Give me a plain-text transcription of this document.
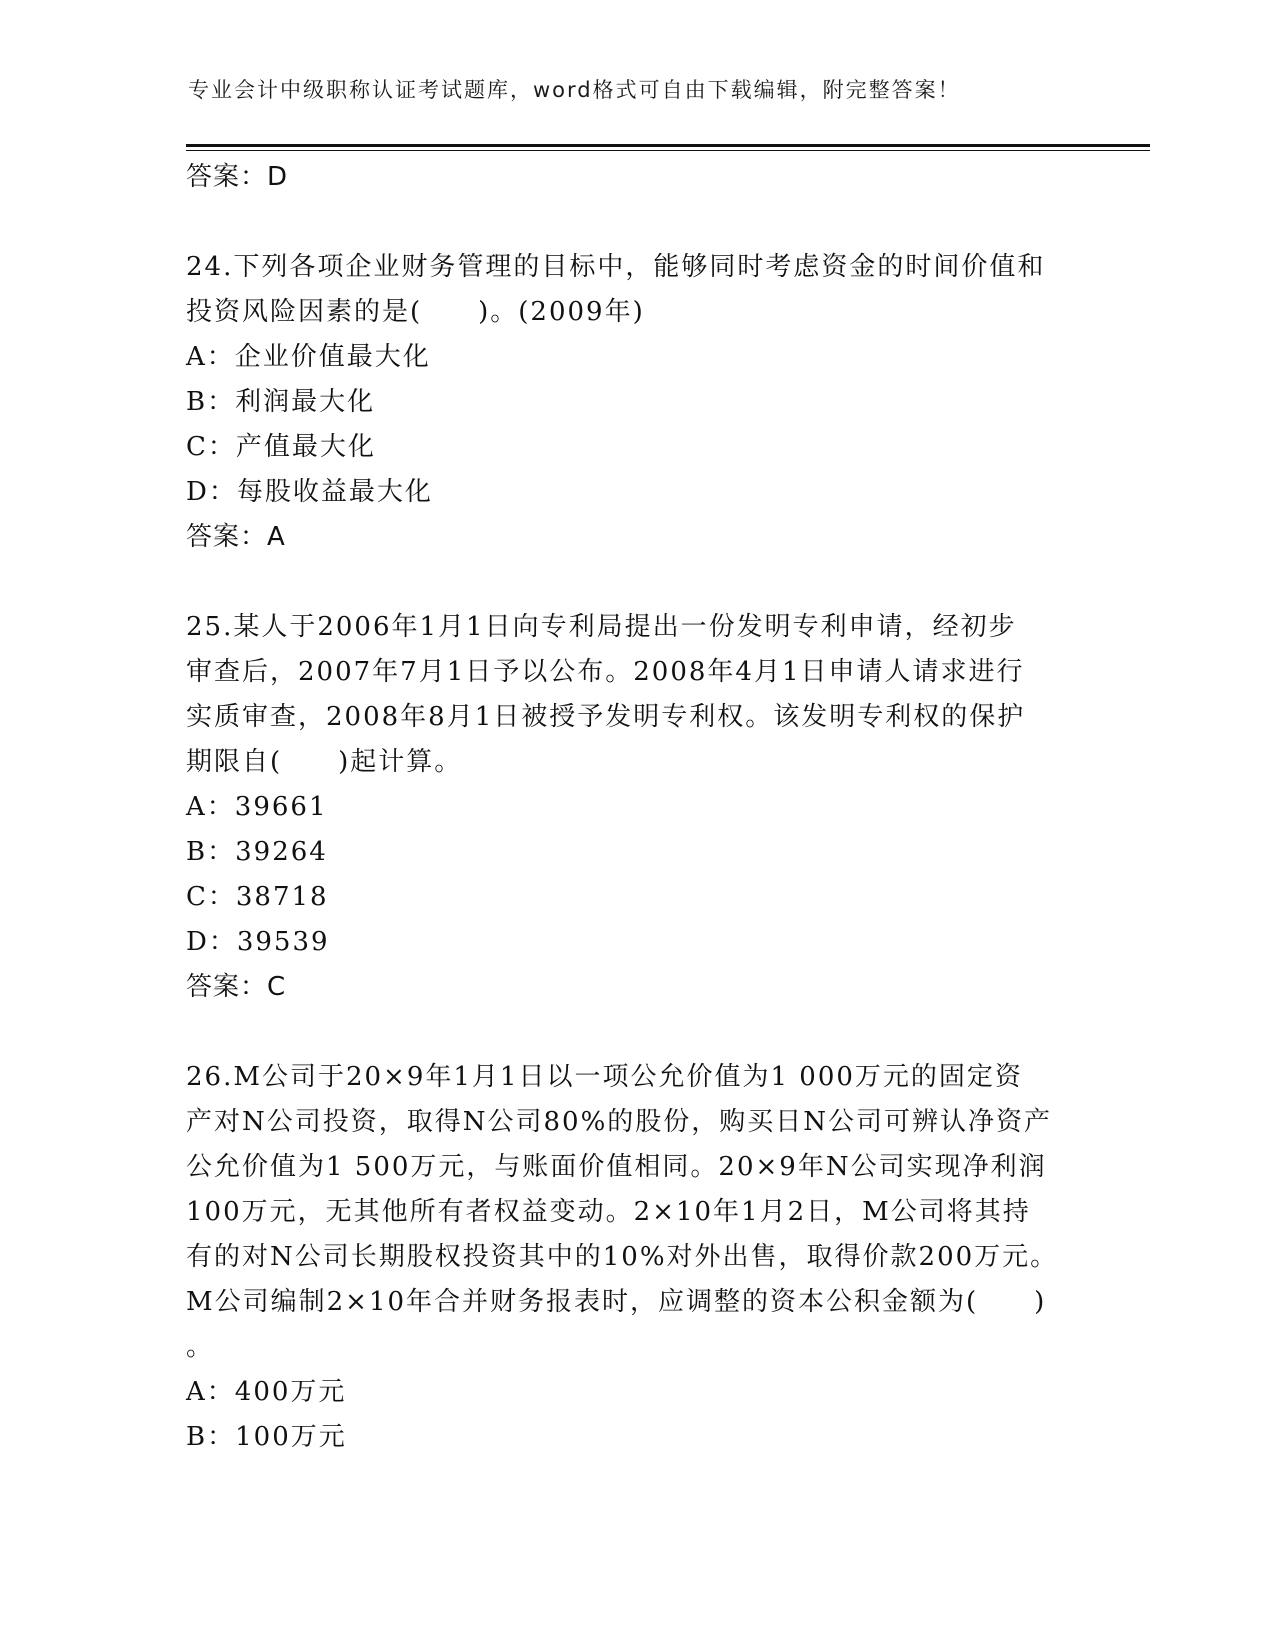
专业会计中级职称认证考试题库，word格式可自由下载编辑，附完整答案！
答案：D
24.下列各项企业财务管理的目标中，能够同时考虑资金的时间价值和
投资风险因素的是(　　)。(2009年)
A：企业价值最大化
B：利润最大化
C：产值最大化
D：每股收益最大化
答案：A
25.某人于2006年1月1日向专利局提出一份发明专利申请，经初步
审查后，2007年7月1日予以公布。2008年4月1日申请人请求进行
实质审查，2008年8月1日被授予发明专利权。该发明专利权的保护
期限自(　　)起计算。
A：39661
B：39264
C：38718
D：39539
答案：C
26.M公司于20×9年1月1日以一项公允价值为1 000万元的固定资
产对N公司投资，取得N公司80%的股份，购买日N公司可辨认净资产
公允价值为1 500万元，与账面价值相同。20×9年N公司实现净利润
100万元，无其他所有者权益变动。2×10年1月2日，M公司将其持
有的对N公司长期股权投资其中的10%对外出售，取得价款200万元。
M公司编制2×10年合并财务报表时，应调整的资本公积金额为(　　)
。
A：400万元
B：100万元
